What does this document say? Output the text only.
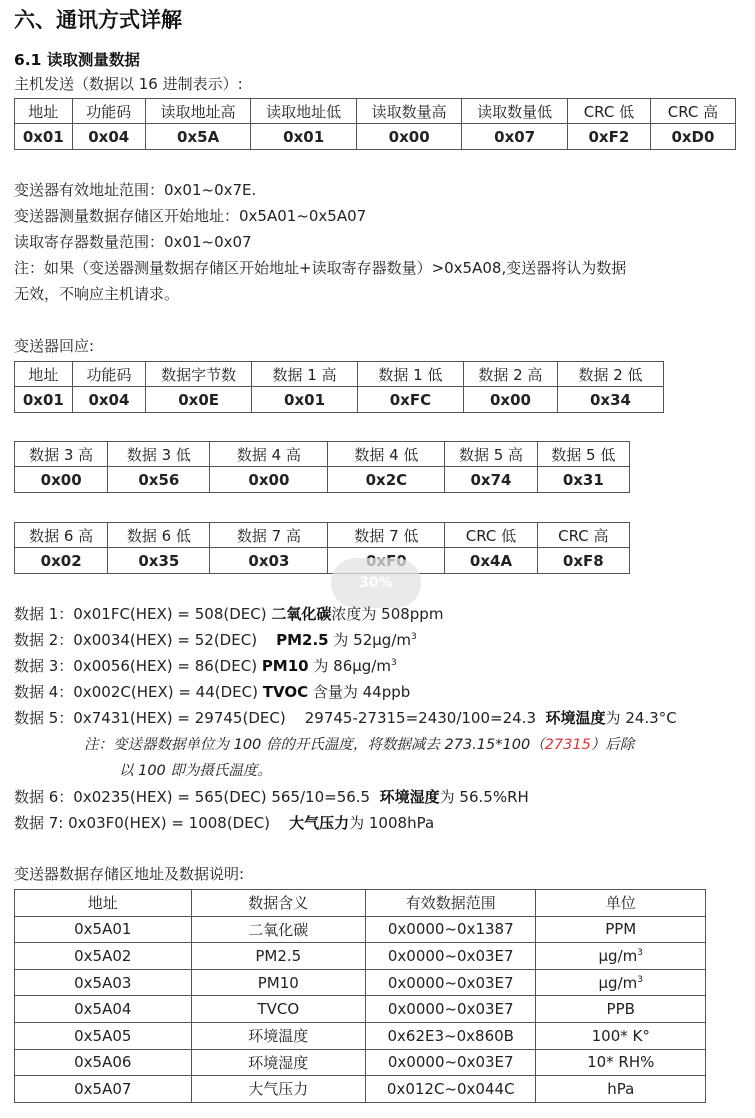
六、通讯方式详解
6.1 读取测量数据
主机发送（数据以 16 进制表示）:
地址	功能码	读取地址高	读取地址低	读取数量高	读取数量低	CRC 低	CRC 高
0x01	0x04	0x5A	0x01	0x00	0x07	0xF2	0xD0
变送器有效地址范围：0x01~0x7E.
变送器测量数据存储区开始地址：0x5A01~0x5A07
读取寄存器数量范围：0x01~0x07
注：如果（变送器测量数据存储区开始地址+读取寄存器数量）>0x5A08,变送器将认为数据
无效，不响应主机请求。
变送器回应:
地址	功能码	数据字节数	数据 1 高	数据 1 低	数据 2 高	数据 2 低
0x01	0x04	0x0E	0x01	0xFC	0x00	0x34
数据 3 高	数据 3 低	数据 4 高	数据 4 低	数据 5 高	数据 5 低
0x00	0x56	0x00	0x2C	0x74	0x31
数据 6 高	数据 6 低	数据 7 高	数据 7 低	CRC 低	CRC 高
0x02	0x35	0x03		0x4A	0xF8
30%
数据 1：0x01FC(HEX) = 508(DEC) 二氧化碳浓度为 508ppm
数据 2：0x0034(HEX) = 52(DEC)    PM2.5 为 $52\mu g/m^3$
数据 3：0x0056(HEX) = 86(DEC) PM10 为 $86\mu g/m^3$
数据 4：0x002C(HEX) = 44(DEC) TVOC 含量为 44ppb
数据 5：0x7431(HEX) = 29745(DEC)    29745-27315=2430/100=24.3  环境温度为 24.3°C
注：变送器数据单位为 100 倍的开氏温度，将数据减去 273.15*100（27315）后除
以 100 即为摄氏温度。
数据 6：0x0235(HEX) = 565(DEC) 565/10=56.5  环境湿度为 56.5%RH
数据 7: 0x03F0(HEX) = 1008(DEC)    大气压力为 1008hPa
变送器数据存储区地址及数据说明:
地址	数据含义	有效数据范围	单位
0x5A01	二氧化碳	0x0000~0x1387	PPM
0x5A02	PM2.5	0x0000~0x03E7	$\mu g/m^3$
0x5A03	PM10	0x0000~0x03E7	$\mu g/m^3$
0x5A04	TVCO	0x0000~0x03E7	PPB
0x5A05	环境温度	0x62E3~0x860B	100* K°
0x5A06	环境湿度	0x0000~0x03E7	10* RH%
0x5A07	大气压力	0x012C~0x044C	hPa
